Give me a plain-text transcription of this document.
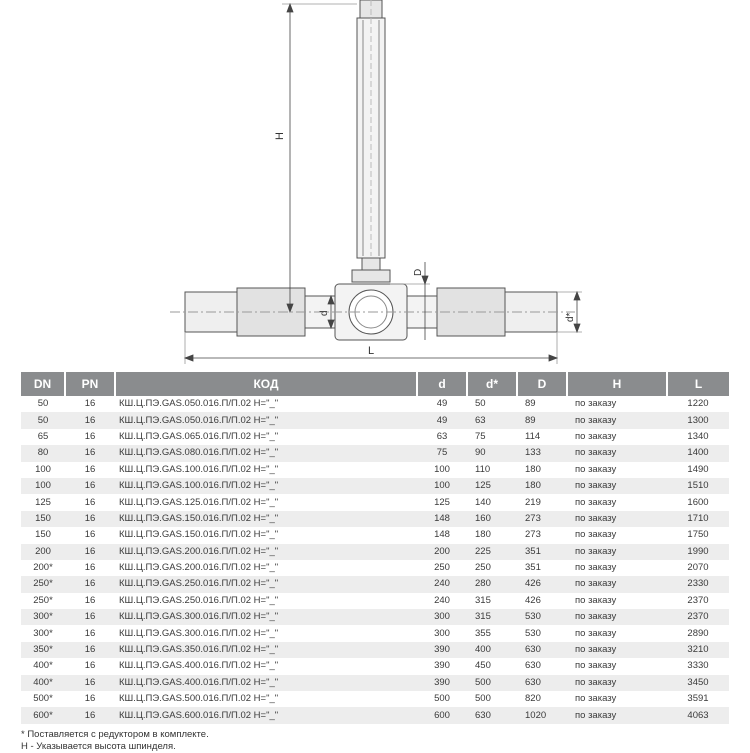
H
L
D
d	d*
DN	PN	КОД	d	d*	D	H	L
50	16	КШ.Ц.ПЭ.GAS.050.016.П/П.02 H="_"	49	50	89	по заказу	1220
50	16	КШ.Ц.ПЭ.GAS.050.016.П/П.02 H="_"	49	63	89	по заказу	1300
65	16	КШ.Ц.ПЭ.GAS.065.016.П/П.02 H="_"	63	75	114	по заказу	1340
80	16	КШ.Ц.ПЭ.GAS.080.016.П/П.02 H="_"	75	90	133	по заказу	1400
100	16	КШ.Ц.ПЭ.GAS.100.016.П/П.02 H="_"	100	110	180	по заказу	1490
100	16	КШ.Ц.ПЭ.GAS.100.016.П/П.02 H="_"	100	125	180	по заказу	1510
125	16	КШ.Ц.ПЭ.GAS.125.016.П/П.02 H="_"	125	140	219	по заказу	1600
150	16	КШ.Ц.ПЭ.GAS.150.016.П/П.02 H="_"	148	160	273	по заказу	1710
150	16	КШ.Ц.ПЭ.GAS.150.016.П/П.02 H="_"	148	180	273	по заказу	1750
200	16	КШ.Ц.ПЭ.GAS.200.016.П/П.02 H="_"	200	225	351	по заказу	1990
200*	16	КШ.Ц.ПЭ.GAS.200.016.П/П.02 H="_"	250	250	351	по заказу	2070
250*	16	КШ.Ц.ПЭ.GAS.250.016.П/П.02 H="_"	240	280	426	по заказу	2330
250*	16	КШ.Ц.ПЭ.GAS.250.016.П/П.02 H="_"	240	315	426	по заказу	2370
300*	16	КШ.Ц.ПЭ.GAS.300.016.П/П.02 H="_"	300	315	530	по заказу	2370
300*	16	КШ.Ц.ПЭ.GAS.300.016.П/П.02 H="_"	300	355	530	по заказу	2890
350*	16	КШ.Ц.ПЭ.GAS.350.016.П/П.02 H="_"	390	400	630	по заказу	3210
400*	16	КШ.Ц.ПЭ.GAS.400.016.П/П.02 H="_"	390	450	630	по заказу	3330
400*	16	КШ.Ц.ПЭ.GAS.400.016.П/П.02 H="_"	390	500	630	по заказу	3450
500*	16	КШ.Ц.ПЭ.GAS.500.016.П/П.02 H="_"	500	500	820	по заказу	3591
600*	16	КШ.Ц.ПЭ.GAS.600.016.П/П.02 H="_"	600	630	1020	по заказу	4063
* Поставляется с редуктором в комплекте.
H - Указывается высота шпинделя.
